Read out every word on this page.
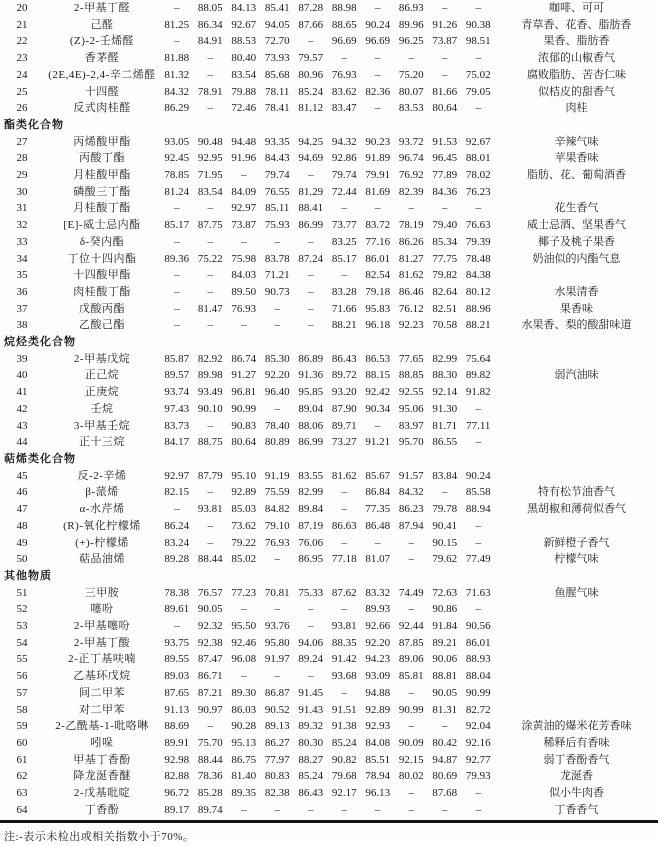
20	2-甲基丁醛	–	88.05	84.13	85.41	87.28	88.98	–	86.93	–	–	咖啡、可可
21	己醛	81.25	86.34	92.67	94.05	87.66	88.65	90.24	89.96	91.26	90.38	青草香、花香、脂肪香
22	(Z)-2-壬烯醛	–	84.91	88.53	72.70	–	96.69	96.69	96.25	73.87	98.51	果香、脂肪香
23	香茅醛	81.88	–	80.40	73.93	79.57	–	–	–	–	–	浓郁的山椒香气
24	(2E,4E)-2,4-辛二烯醛	81.32	–	83.54	85.68	80.96	76.93	–	75.20	–	75.02	腐败脂肪、苦杏仁味
25	十四醛	84.32	78.91	79.88	78.11	85.24	83.62	82.36	80.07	81.66	79.05	似桔皮的甜香气
26	反式肉桂醛	86.29	–	72.46	78.41	81.12	83.47	–	83.53	80.64	–	肉桂
酯类化合物												
27	丙烯酸甲酯	93.05	90.48	94.48	93.35	94.25	94.32	90.23	93.72	91.53	92.67	辛辣气味
28	丙酸丁酯	92.45	92.95	91.96	84.43	94.69	92.86	91.89	96.74	96.45	88.01	苹果香味
29	月桂酸甲酯	78.85	71.95	–	79.74	–	79.74	79.91	76.92	77.89	78.02	脂肪、花、葡萄酒香
30	磷酸三丁酯	81.24	83.54	84.09	76.55	81.29	72.44	81.69	82.39	84.36	76.23	
31	月桂酸丁酯	–	–	92.97	85.11	88.41	–	–	–	–	–	花生香气
32	[E]-威士忌内酯	85.17	87.75	73.87	75.93	86.99	73.77	83.72	78.19	79.40	76.63	威士忌酒、坚果香气
33	δ-癸内酯	–	–	–	–	–	83.25	77.16	86.26	85.34	79.39	椰子及桃子果香
34	丁位十四内酯	89.36	75.22	75.98	83.78	87.24	85.17	86.01	81.27	77.75	78.48	奶油似的内酯气息
35	十四酸甲酯	–	–	84.03	71.21	–	–	82.54	81.62	79.82	84.38	
36	肉桂酸丁酯	–	–	89.50	90.73	–	83.28	79.18	86.46	82.64	80.12	水果清香
37	戊酸丙酯	–	81.47	76.93	–	–	71.66	95.83	76.12	82.51	88.96	果香味
38	乙酸己酯	–	–	–	–	–	88.21	96.18	92.23	70.58	88.21	水果香、梨的酸甜味道
烷烃类化合物												
39	2-甲基戊烷	85.87	82.92	86.74	85.30	86.89	86.43	86.53	77.65	82.99	75.64	
40	正己烷	89.57	89.98	91.27	92.20	91.36	89.72	88.15	88.85	88.30	89.82	弱汽油味
41	正庚烷	93.74	93.49	96.81	96.40	95.85	93.20	92.42	92.55	92.14	91.82	
42	壬烷	97.43	90.10	90.99	–	89.04	87.90	90.34	95.06	91.30	–	
43	3-甲基壬烷	83.73	–	90.83	78.40	88.06	89.71	–	83.97	81.71	77.11	
44	正十三烷	84.17	88.75	80.64	80.89	86.99	73.27	91.21	95.70	86.55	–	
萜烯类化合物												
45	反-2-辛烯	92.97	87.79	95.10	91.19	83.55	81.62	85.67	91.57	83.84	90.24	
46	β-蒎烯	82.15	–	92.89	75.59	82.99	–	86.84	84.32	–	85.58	特有松节油香气
47	α-水芹烯	–	93.81	85.03	84.82	89.84	–	77.35	86.23	79.78	88.94	黑胡椒和薄荷似香气
48	(R)-氧化柠檬烯	86.24	–	73.62	79.10	87.19	86.63	86.48	87.94	90.41	–	
49	(+)-柠檬烯	83.24	–	79.22	76.93	76.06	–	–	–	90.15	–	新鲜橙子香气
50	萜品油烯	89.28	88.44	85.02	–	86.95	77.18	81.07	–	79.62	77.49	柠檬气味
其他物质												
51	三甲胺	78.38	76.57	77.23	70.81	75.33	87.62	83.32	74.49	72.63	71.63	鱼腥气味
52	噻吩	89.61	90.05	–	–	–	–	89.93	–	90.86	–	
53	2-甲基噻吩	–	92.32	95.50	93.76	–	93.81	92.66	92.44	91.84	90.56	
54	2-甲基丁酸	93.75	92.38	92.46	95.80	94.06	88.35	92.20	87.85	89.21	86.01	
55	2-正丁基呋喃	89.55	87.47	96.08	91.97	89.24	91.42	94.23	89.06	90.06	88.93	
56	乙基环戊烷	89.03	86.71	–	–	–	93.68	93.09	85.81	88.81	88.04	
57	间二甲苯	87.65	87.21	89.30	86.87	91.45	–	94.88	–	90.05	90.99	
58	对二甲苯	91.13	90.97	86.03	90.52	91.43	91.51	92.89	90.99	81.31	82.72	
59	2-乙酰基-1-吡咯啉	88.69	–	90.28	89.13	89.32	91.38	92.93	–	–	92.04	涂黄油的爆米花芳香味
60	吲哚	89.91	75.70	95.13	86.27	80.30	85.24	84.08	90.09	80.42	92.16	稀释后有香味
61	甲基丁香酚	92.98	88.44	86.75	77.97	88.27	90.82	85.51	92.15	94.87	92.77	弱丁香酚香气
62	降龙涎香醚	82.88	78.36	81.40	80.83	85.24	79.68	78.94	80.02	80.69	79.93	龙涎香
63	2-戊基吡啶	96.72	85.28	89.35	82.38	86.43	92.17	96.13	–	87.68	–	似小牛肉香
64	丁香酚	89.17	89.74	–	–	–	–	–	–	–	–	丁香香气
注:-表示未检出或相关指数小于70%。
